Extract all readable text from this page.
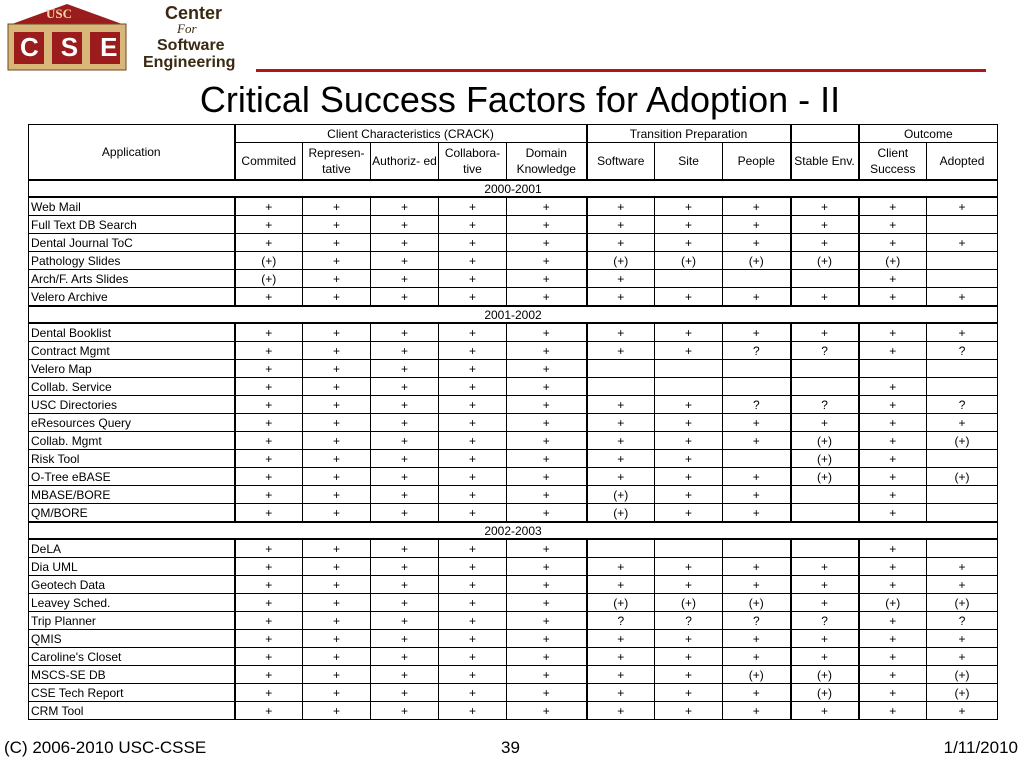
USC
CSE
Center
For
Software
Engineering
Critical Success Factors for Adoption - II
Application	Client Characteristics (CRACK)					Transition Preparation				Outcome	
	Commited	Represen- tative	Authoriz- ed	Collabora- tive	Domain Knowledge	Software	Site	People	Stable Env.	Client Success	Adopted
2000-2001											
Web Mail	+	+	+	+	+	+	+	+	+	+	+
Full Text DB Search	+	+	+	+	+	+	+	+	+	+	
Dental Journal ToC	+	+	+	+	+	+	+	+	+	+	+
Pathology Slides	(+)	+	+	+	+	(+)	(+)	(+)	(+)	(+)	
Arch/F. Arts Slides	(+)	+	+	+	+	+				+	
Velero Archive	+	+	+	+	+	+	+	+	+	+	+
2001-2002											
Dental Booklist	+	+	+	+	+	+	+	+	+	+	+
Contract Mgmt	+	+	+	+	+	+	+	?	?	+	?
Velero Map	+	+	+	+	+						
Collab. Service	+	+	+	+	+					+	
USC Directories	+	+	+	+	+	+	+	?	?	+	?
eResources Query	+	+	+	+	+	+	+	+	+	+	+
Collab. Mgmt	+	+	+	+	+	+	+	+	(+)	+	(+)
Risk Tool	+	+	+	+	+	+	+		(+)	+	
O-Tree eBASE	+	+	+	+	+	+	+	+	(+)	+	(+)
MBASE/BORE	+	+	+	+	+	(+)	+	+		+	
QM/BORE	+	+	+	+	+	(+)	+	+		+	
2002-2003											
DeLA	+	+	+	+	+					+	
Dia UML	+	+	+	+	+	+	+	+	+	+	+
Geotech Data	+	+	+	+	+	+	+	+	+	+	+
Leavey Sched.	+	+	+	+	+	(+)	(+)	(+)	+	(+)	(+)
Trip Planner	+	+	+	+	+	?	?	?	?	+	?
QMIS	+	+	+	+	+	+	+	+	+	+	+
Caroline's Closet	+	+	+	+	+	+	+	+	+	+	+
MSCS-SE DB	+	+	+	+	+	+	+	(+)	(+)	+	(+)
CSE Tech Report	+	+	+	+	+	+	+	+	(+)	+	(+)
CRM Tool	+	+	+	+	+	+	+	+	+	+	+
(C) 2006-2010 USC-CSSE	39	1/11/2010
